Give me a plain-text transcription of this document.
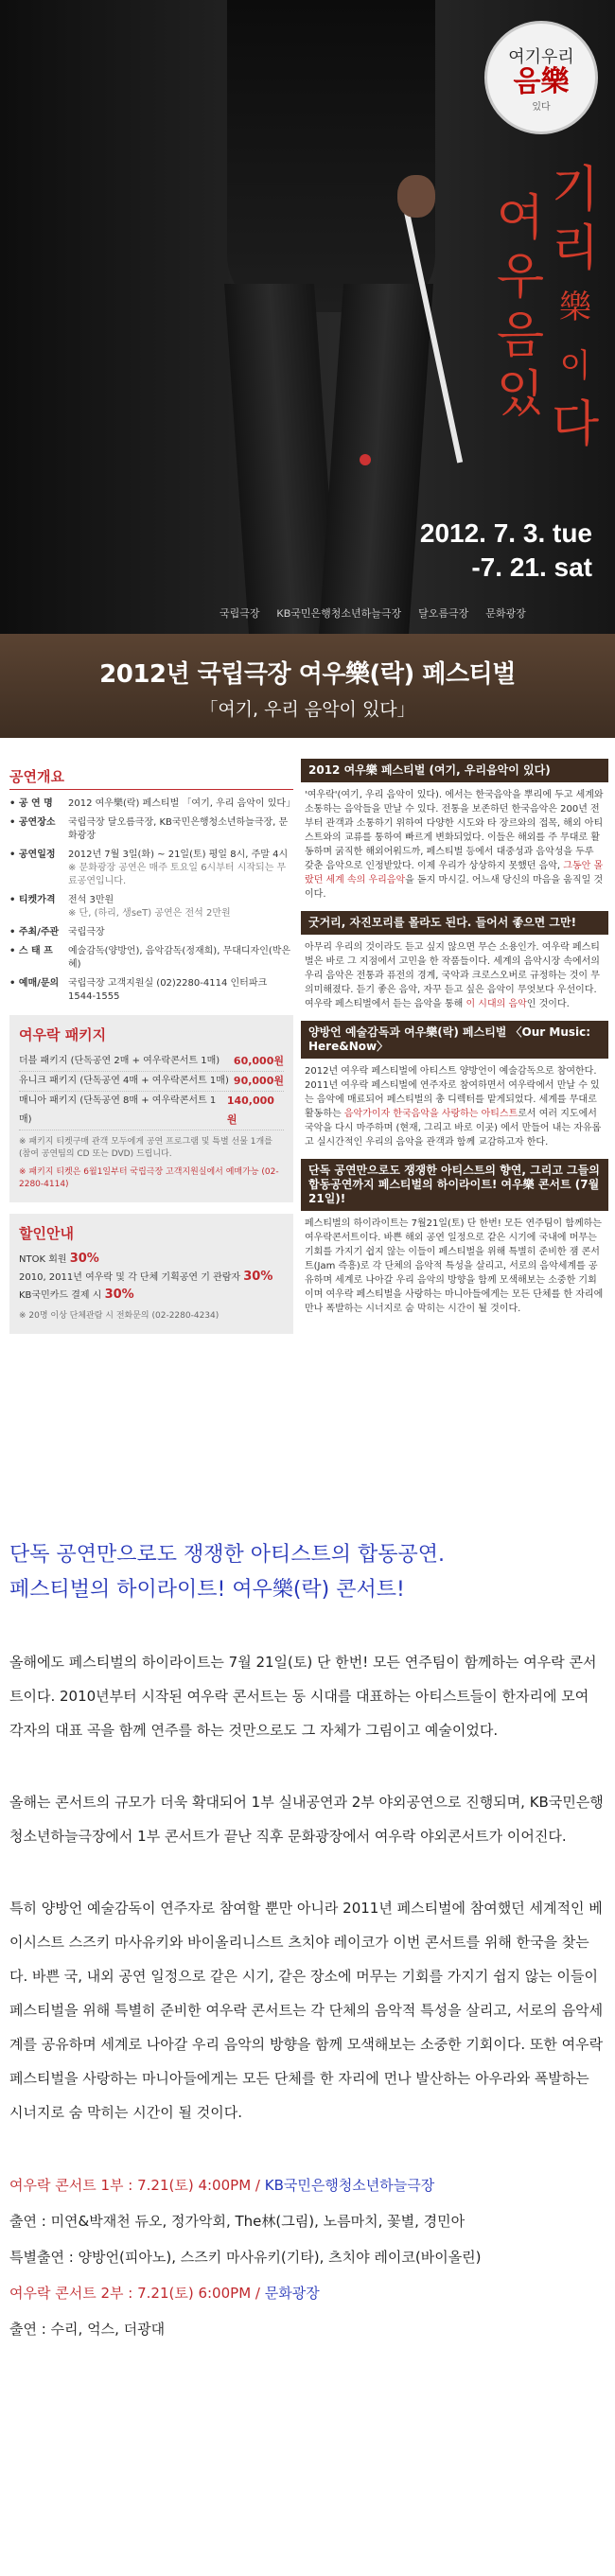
여기우리
음樂
있다
여
우
음
있
기
리
樂이
다
2012. 7. 3. tue
-7. 21. sat
국립극장 KB국민은행청소년하늘극장 달오름극장 문화광장
2012년 국립극장 여우樂(락) 페스티벌
「여기, 우리 음악이 있다」
공연개요
• 공 연 명	2012 여우樂(락) 페스티벌 「여기, 우리 음악이 있다」
• 공연장소	국립극장 달오름극장, KB국민은행청소년하늘극장, 문화광장
• 공연일정	2012년 7월 3일(화) ~ 21일(토) 평일 8시, 주말 4시
※ 문화광장 공연은 매주 토요일 6시부터 시작되는 무료공연입니다.
• 티켓가격	전석 3만원
※ 단, (하리, 생seT) 공연은 전석 2만원
• 주최/주관 국립극장
• 스 태 프	예술감독(양방언), 음악감독(정재희), 무대디자인(박은혜)
• 예매/문의 국립극장 고객지원실 (02)2280-4114 인터파크 1544-1555
여우락 패키지
더블 패키지 (단독공연 2매 + 여우락콘서트 1매) 60,000원
유니크 패키지 (단독공연 4매 + 여우락콘서트 1매) 90,000원
매니아 패키지 (단독공연 8매 + 여우락콘서트 1매)
140,000원
※ 패키지 티켓구매 관객 모두에게 공연 프로그램 및 특별 선물 1개를 (참여 공연팀의 CD 또는 DVD) 드립니다.
※ 패키지 티켓은 6월1일부터 국립극장 고객지원실에서 예매가능 (02-2280-4114)
할인안내
NTOK 회원 30%
2010, 2011년 여우락 및 각 단체 기획공연 기 관람자 30%
KB국민카드 결제 시 30%
※ 20명 이상 단체관람 시 전화문의 (02-2280-4234)
2012 여우樂 페스티벌 (여기, 우리음악이 있다)
'여우락'(여기, 우리 음악이 있다). 에서는 한국음악을 뿌리에 두고 세계와 소통하는 음악들을 만날 수 있다. 전통을 보존하던 한국음악은 200년 전부터 관객과 소통하기 위하여 다양한 시도와 타 장르와의 접목, 해외 아티스트와의 교류를 통하여 빠르게 변화되었다. 이들은 해외를 주 무대로 활동하며 굵직한 해외어워드까, 페스티벌 등에서 대중성과 음악성을 두루 갖춘 음악으로 인정받았다. 이제 우리가 상상하지 못했던 음악, 그동안 몰랐던 세계 속의 우리음악을 돋지 마시길. 어느새 당신의 마음을 움직일 것이다.
굿거리, 자진모리를 몰라도 된다. 들어서 좋으면 그만!
아무리 우리의 것이라도 듣고 싶지 않으면 무슨 소용인가. 여우락 페스티벌은 바로 그 지점에서 고민을 한 작품들이다. 세계의 음악시장 속에서의 우리 음악은 전통과 퓨전의 경계, 국악과 크로스오버로 규정하는 것이 무의미해졌다. 듣기 좋은 음악, 자꾸 듣고 싶은 음악이 무엇보다 우선이다. 여우락 페스티벌에서 듣는 음악을 통해 이 시대의 음악인 것이다.
양방언 예술감독과 여우樂(락) 페스티벌 〈Our Music: Here&Now〉
2012년 여우락 페스티벌에 아티스트 양방언이 예술감독으로 참여한다. 2011년 여우락 페스티벌에 연주자로 참여하면서 여우락에서 만날 수 있는 음악에 매료되어 페스티벌의 총 디렉터를 맡게되었다. 세계를 무대로 활동하는 음악가이자 한국음악을 사랑하는 아티스트로서 여러 지도에서 국악을 다시 마주하며 (현재, 그리고 바로 이곳) 에서 만들어 내는 자유롭고 실시간적인 우리의 음악을 관객과 함께 교감하고자 한다.
단독 공연만으로도 쟁쟁한 아티스트의 향연, 그리고 그들의 합동공연까지 페스티벌의 하이라이트! 여우樂 콘서트 (7월21일)!
페스티벌의 하이라이트는 7월21일(토) 단 한번! 모든 연주팀이 함께하는 여우락콘서트이다. 바쁜 해외 공연 일정으로 같은 시기에 국내에 머무는 기회를 가지기 쉽지 않는 이들이 페스티벌을 위해 특별히 준비한 잼 콘서트(Jam 즉흥)로 각 단체의 음악적 특성을 살리고, 서로의 음악세계를 공유하며 세계로 나아갈 우리 음악의 방향을 함께 모색해보는 소중한 기회이며 여우락 페스티벌을 사랑하는 마니아들에게는 모든 단체를 한 자리에 만나 폭발하는 시너지로 숨 막히는 시간이 될 것이다.
단독 공연만으로도 쟁쟁한 아티스트의 합동공연.
페스티벌의 하이라이트! 여우樂(락) 콘서트!

올해에도 페스티벌의 하이라이트는 7월 21일(토) 단 한번! 모든 연주팀이 함께하는 여우락 콘서트이다. 2010년부터 시작된 여우락 콘서트는 동 시대를 대표하는 아티스트들이 한자리에 모여 각자의 대표 곡을 함께 연주를 하는 것만으로도 그 자체가 그림이고 예술이었다.

올해는 콘서트의 규모가 더욱 확대되어 1부 실내공연과 2부 야외공연으로 진행되며, KB국민은행청소년하늘극장에서 1부 콘서트가 끝난 직후 문화광장에서 여우락 야외콘서트가 이어진다.

특히 양방언 예술감독이 연주자로 참여할 뿐만 아니라 2011년 페스티벌에 참여했던 세계적인 베이시스트 스즈키 마사유키와 바이올리니스트 츠치야 레이코가 이번 콘서트를 위해 한국을 찾는다. 바쁜 국, 내외 공연 일정으로 같은 시기, 같은 장소에 머무는 기회를 가지기 쉽지 않는 이들이 페스티벌을 위해 특별히 준비한 여우락 콘서트는 각 단체의 음악적 특성을 살리고, 서로의 음악세계를 공유하며 세계로 나아갈 우리 음악의 방향을 함께 모색해보는 소중한 기회이다. 또한 여우락 페스티벌을 사랑하는 마니아들에게는 모든 단체를 한 자리에 먼나 발산하는 아우라와 폭발하는 시너지로 숨 막히는 시간이 될 것이다.

여우락 콘서트 1부 : 7.21(토) 4:00PM / KB국민은행청소년하늘극장
출연 : 미연&박재천 듀오, 정가악회, The林(그림), 노름마치, 꽃별, 경민아
특별출연 : 양방언(피아노), 스즈키 마사유키(기타), 츠치야 레이코(바이올린)
여우락 콘서트 2부 : 7.21(토) 6:00PM / 문화광장
출연 : 수리, 억스, 더광대
